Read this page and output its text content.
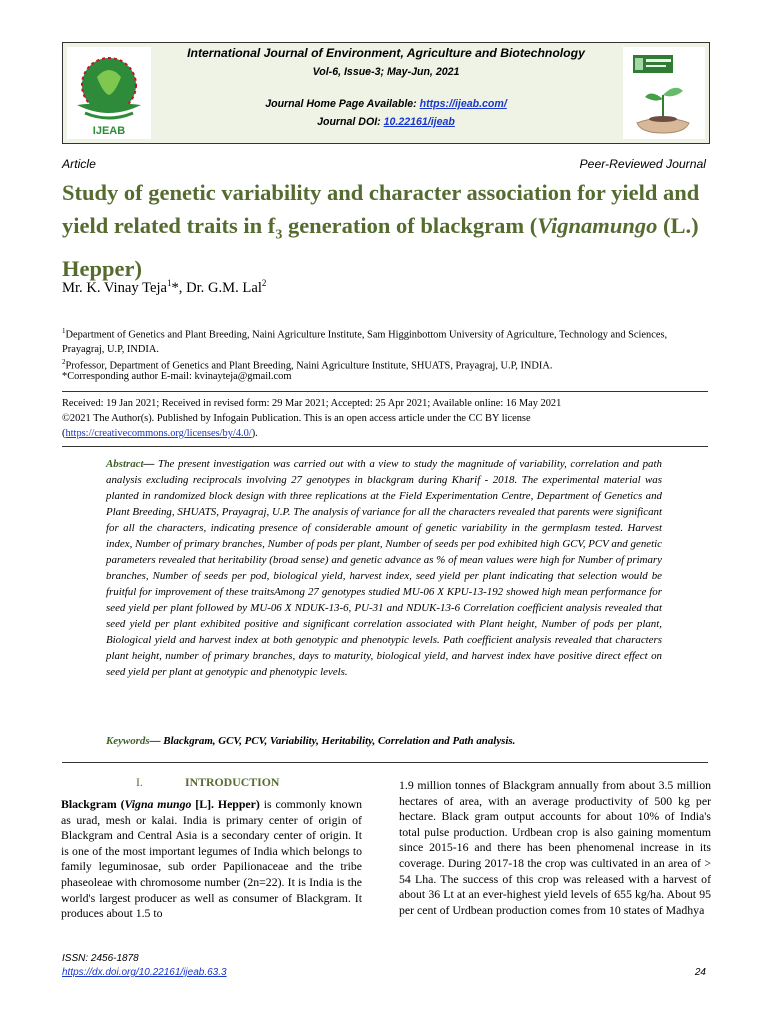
IJEAB
International Journal of Environment, Agriculture and Biotechnology
Vol-6, Issue-3; May-Jun, 2021
Journal Home Page Available: https://ijeab.com/
Journal DOI: 10.22161/ijeab
Article	Peer-Reviewed Journal
Study of genetic variability and character association for yield and yield related traits in $f_3$ generation of blackgram (Vignamungo (L.) Hepper)
Mr. K. Vinay Teja$^1$*, Dr. G.M. Lal$^2$
$^1$Department of Genetics and Plant Breeding, Naini Agriculture Institute, Sam Higginbottom University of Agriculture, Technology and Sciences, Prayagraj, U.P, INDIA.
$^2$Professor, Department of Genetics and Plant Breeding, Naini Agriculture Institute, SHUATS, Prayagraj, U.P, INDIA.
*Corresponding author E-mail: kvinayteja@gmail.com
Received: 19 Jan 2021; Received in revised form: 29 Mar 2021; Accepted: 25 Apr 2021; Available online: 16 May 2021
©2021 The Author(s). Published by Infogain Publication. This is an open access article under the CC BY license
(https://creativecommons.org/licenses/by/4.0/).
Abstract— The present investigation was carried out with a view to study the magnitude of variability, correlation and path analysis excluding reciprocals involving 27 genotypes in blackgram during Kharif - 2018. The experimental material was planted in randomized block design with three replications at the Field Experimentation Centre, Department of Genetics and Plant Breeding, SHUATS, Prayagraj, U.P. The analysis of variance for all the characters revealed that parents were significant for all the characters, indicating presence of considerable amount of genetic variability in the germplasm tested. Harvest index, Number of primary branches, Number of pods per plant, Number of seeds per pod exhibited high GCV, PCV and genetic parameters revealed that heritability (broad sense) and genetic advance as % of mean values were high for Number of primary branches, Number of seeds per pod, biological yield, harvest index, seed yield per plant indicating that selection would be fruitful for improvement of these traitsAmong 27 genotypes studied MU-06 X KPU-13-192 showed high mean performance for seed yield per plant followed by MU-06 X NDUK-13-6, PU-31 and NDUK-13-6 Correlation coefficient analysis revealed that seed yield per plant exhibited positive and significant correlation associated with Plant height, Number of pods per plant, Biological yield and harvest index at both genotypic and phenotypic levels. Path coefficient analysis revealed that characters plant height, number of primary branches, days to maturity, biological yield, and harvest index have positive direct effect on seed yield per plant at genotypic and phenotypic levels.
Keywords— Blackgram, GCV, PCV, Variability, Heritability, Correlation and Path analysis.
I.	INTRODUCTION
Blackgram (Vigna mungo [L]. Hepper) is commonly known as urad, mesh or kalai. India is primary center of origin of Blackgram and Central Asia is a secondary center of origin. It is one of the most important legumes of India which belongs to family leguminosae, sub order Papilionaceae and the tribe phaseoleae with chromosome number (2n=22). It is India is the world's largest producer as well as consumer of Blackgram. It produces about 1.5 to
1.9 million tonnes of Blackgram annually from about 3.5 million hectares of area, with an average productivity of 500 kg per hectare. Black gram output accounts for about 10% of India's total pulse production. Urdbean crop is also gaining momentum since 2015-16 and there has been phenomenal increase in its coverage. During 2017-18 the crop was cultivated in an area of > 54 Lha. The success of this crop was released with a harvest of about 36 Lt at an ever-highest yield levels of 655 kg/ha. About 95 per cent of Urdbean production comes from 10 states of Madhya
ISSN: 2456-1878
https://dx.doi.org/10.22161/ijeab.63.3	24
